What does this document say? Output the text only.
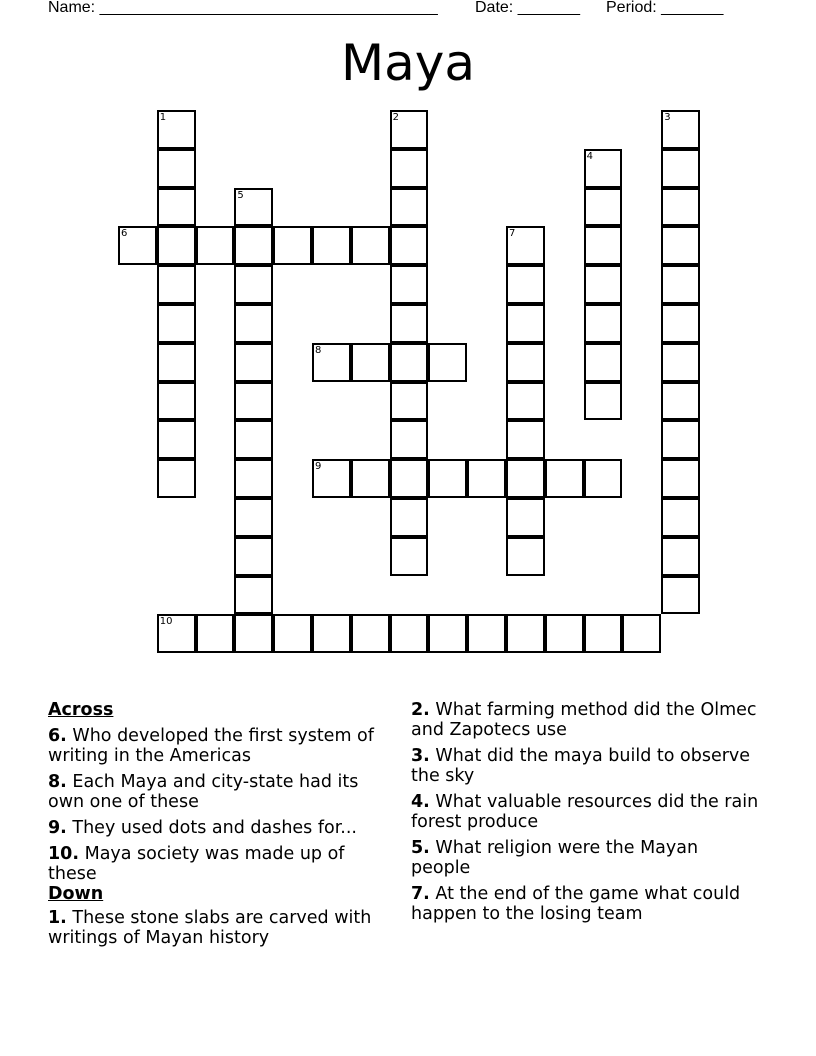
Name: ______________________________________ Date: _______ Period: _______
Maya
1	2	3
4
5
6	7
8
9
10
Across
6. Who developed the first system of writing in the Americas
8. Each Maya and city-state had its own one of these
9. They used dots and dashes for...
10. Maya society was made up of these
Down
1. These stone slabs are carved with writings of Mayan history
2. What farming method did the Olmec and Zapotecs use
3. What did the maya build to observe the sky
4. What valuable resources did the rain forest produce
5. What religion were the Mayan people
7. At the end of the game what could happen to the losing team
